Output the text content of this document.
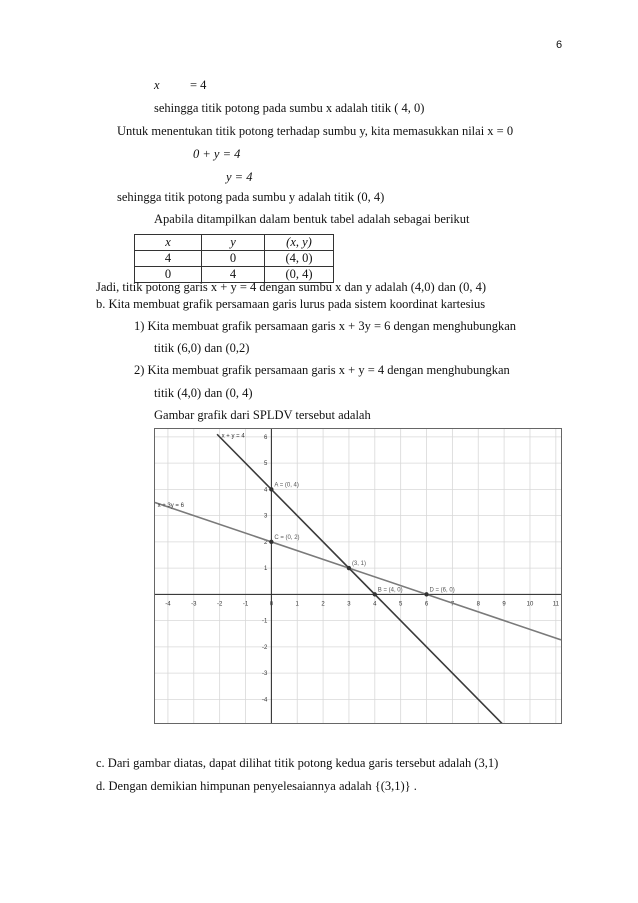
6
x = 4
sehingga titik potong pada sumbu x adalah titik ( 4, 0)
Untuk menentukan titik potong terhadap sumbu y, kita memasukkan nilai x = 0
0 + y = 4
y = 4
sehingga titik potong pada sumbu y adalah titik (0, 4)
Apabila ditampilkan dalam bentuk tabel adalah sebagai berikut
x	y	(x, y)
4	0	(4, 0)
0	4	(0, 4)
Jadi, titik potong garis x + y = 4 dengan sumbu x dan y adalah (4,0) dan (0, 4)
b. Kita membuat grafik persamaan garis lurus pada sistem koordinat kartesius
1) Kita membuat grafik persamaan garis x + 3y = 6 dengan menghubungkan
titik (6,0) dan (0,2)
2) Kita membuat grafik persamaan garis x + y = 4 dengan menghubungkan
titik (4,0) dan (0, 4)
Gambar grafik dari SPLDV tersebut adalah
-4	-3	-2	-1	0	1	2	3	4	5	6	7	8	9	10	11
-4
-3
-2
-1
1
2
3
4
5
6
x + y = 4
x + 3y = 6
A = (0, 4)
C = (0, 2)
(3, 1)
B = (4, 0)	D = (6, 0)
c. Dari gambar diatas, dapat dilihat titik potong kedua garis tersebut adalah (3,1)
d. Dengan demikian himpunan penyelesaiannya adalah {(3,1)} .
